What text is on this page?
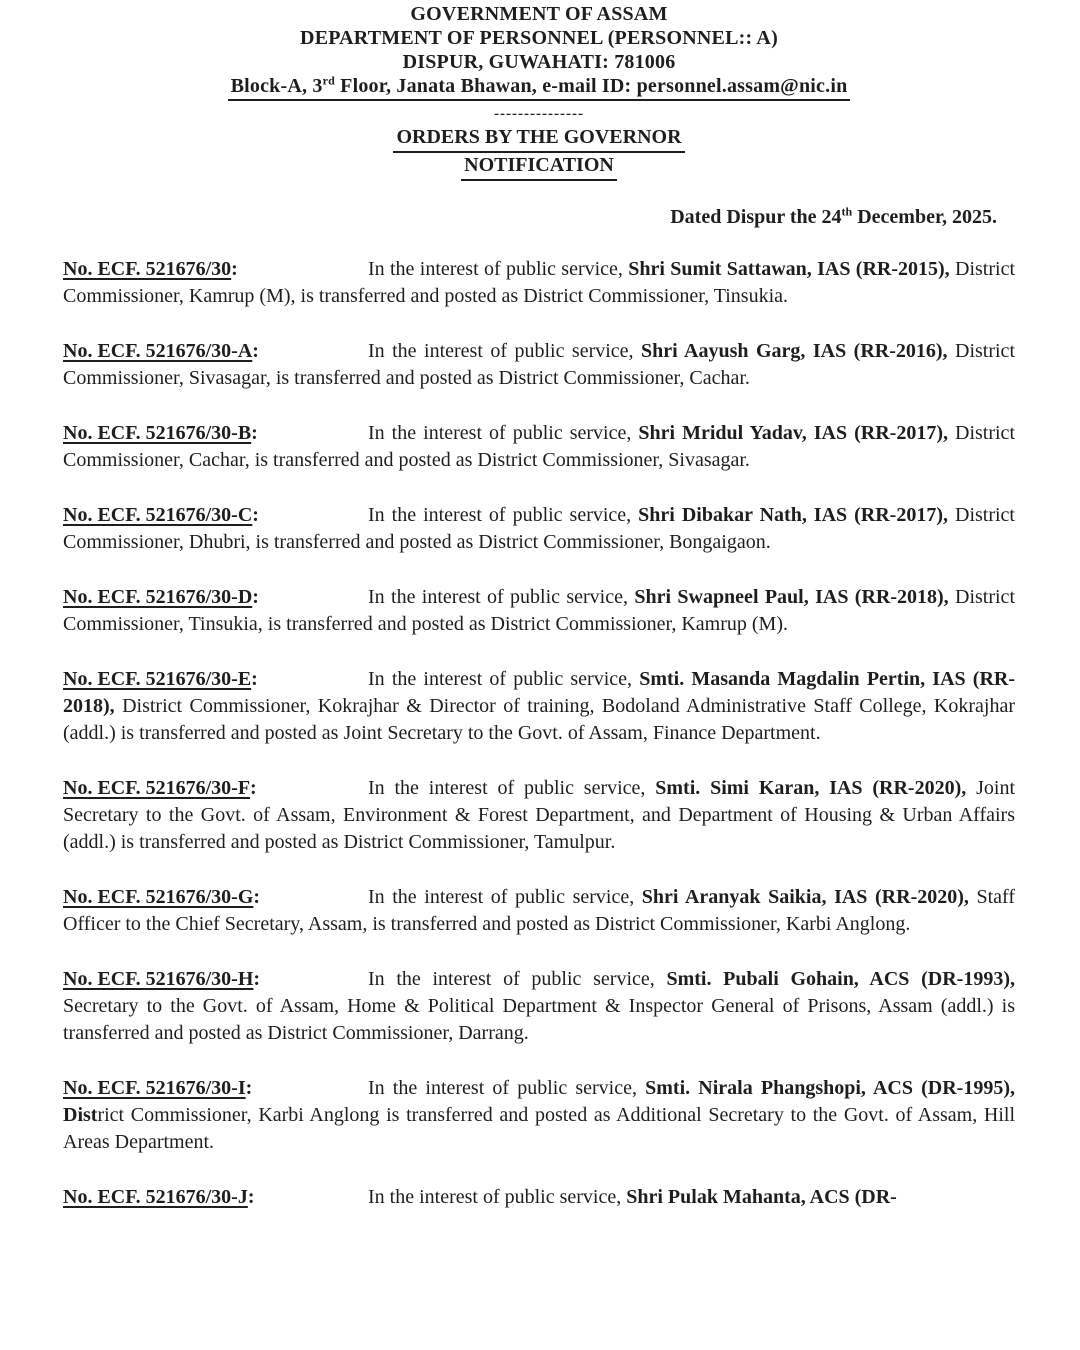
GOVERNMENT OF ASSAM
DEPARTMENT OF PERSONNEL (PERSONNEL:: A)
DISPUR, GUWAHATI: 781006
Block-A, 3rd Floor, Janata Bhawan, e-mail ID: personnel.assam@nic.in
---------------
ORDERS BY THE GOVERNOR
NOTIFICATION
Dated Dispur the 24th December, 2025.

No. ECF. 521676/30:	In the interest of public service, Shri Sumit Sattawan, IAS (RR-2015), District Commissioner, Kamrup (M), is transferred and posted as District Commissioner, Tinsukia.

No. ECF. 521676/30-A:	In the interest of public service, Shri Aayush Garg, IAS (RR-2016), District Commissioner, Sivasagar, is transferred and posted as District Commissioner, Cachar.

No. ECF. 521676/30-B:	In the interest of public service, Shri Mridul Yadav, IAS (RR-2017), District Commissioner, Cachar, is transferred and posted as District Commissioner, Sivasagar.

No. ECF. 521676/30-C:	In the interest of public service, Shri Dibakar Nath, IAS (RR-2017), District Commissioner, Dhubri, is transferred and posted as District Commissioner, Bongaigaon.

No. ECF. 521676/30-D:	In the interest of public service, Shri Swapneel Paul, IAS (RR-2018), District Commissioner, Tinsukia, is transferred and posted as District Commissioner, Kamrup (M).

No. ECF. 521676/30-E:	In the interest of public service, Smti. Masanda Magdalin Pertin, IAS (RR-2018), District Commissioner, Kokrajhar & Director of training, Bodoland Administrative Staff College, Kokrajhar (addl.) is transferred and posted as Joint Secretary to the Govt. of Assam, Finance Department.

No. ECF. 521676/30-F:	In the interest of public service, Smti. Simi Karan, IAS (RR-2020), Joint Secretary to the Govt. of Assam, Environment & Forest Department, and Department of Housing & Urban Affairs (addl.) is transferred and posted as District Commissioner, Tamulpur.

No. ECF. 521676/30-G:	In the interest of public service, Shri Aranyak Saikia, IAS (RR-2020), Staff Officer to the Chief Secretary, Assam, is transferred and posted as District Commissioner, Karbi Anglong.

No. ECF. 521676/30-H:	In the interest of public service, Smti. Pubali Gohain, ACS (DR-1993), Secretary to the Govt. of Assam, Home & Political Department & Inspector General of Prisons, Assam (addl.) is transferred and posted as District Commissioner, Darrang.

No. ECF. 521676/30-I:	In the interest of public service, Smti. Nirala Phangshopi, ACS (DR-1995), District Commissioner, Karbi Anglong is transferred and posted as Additional Secretary to the Govt. of Assam, Hill Areas Department.

No. ECF. 521676/30-J:	In the interest of public service, Shri Pulak Mahanta, ACS (DR-
